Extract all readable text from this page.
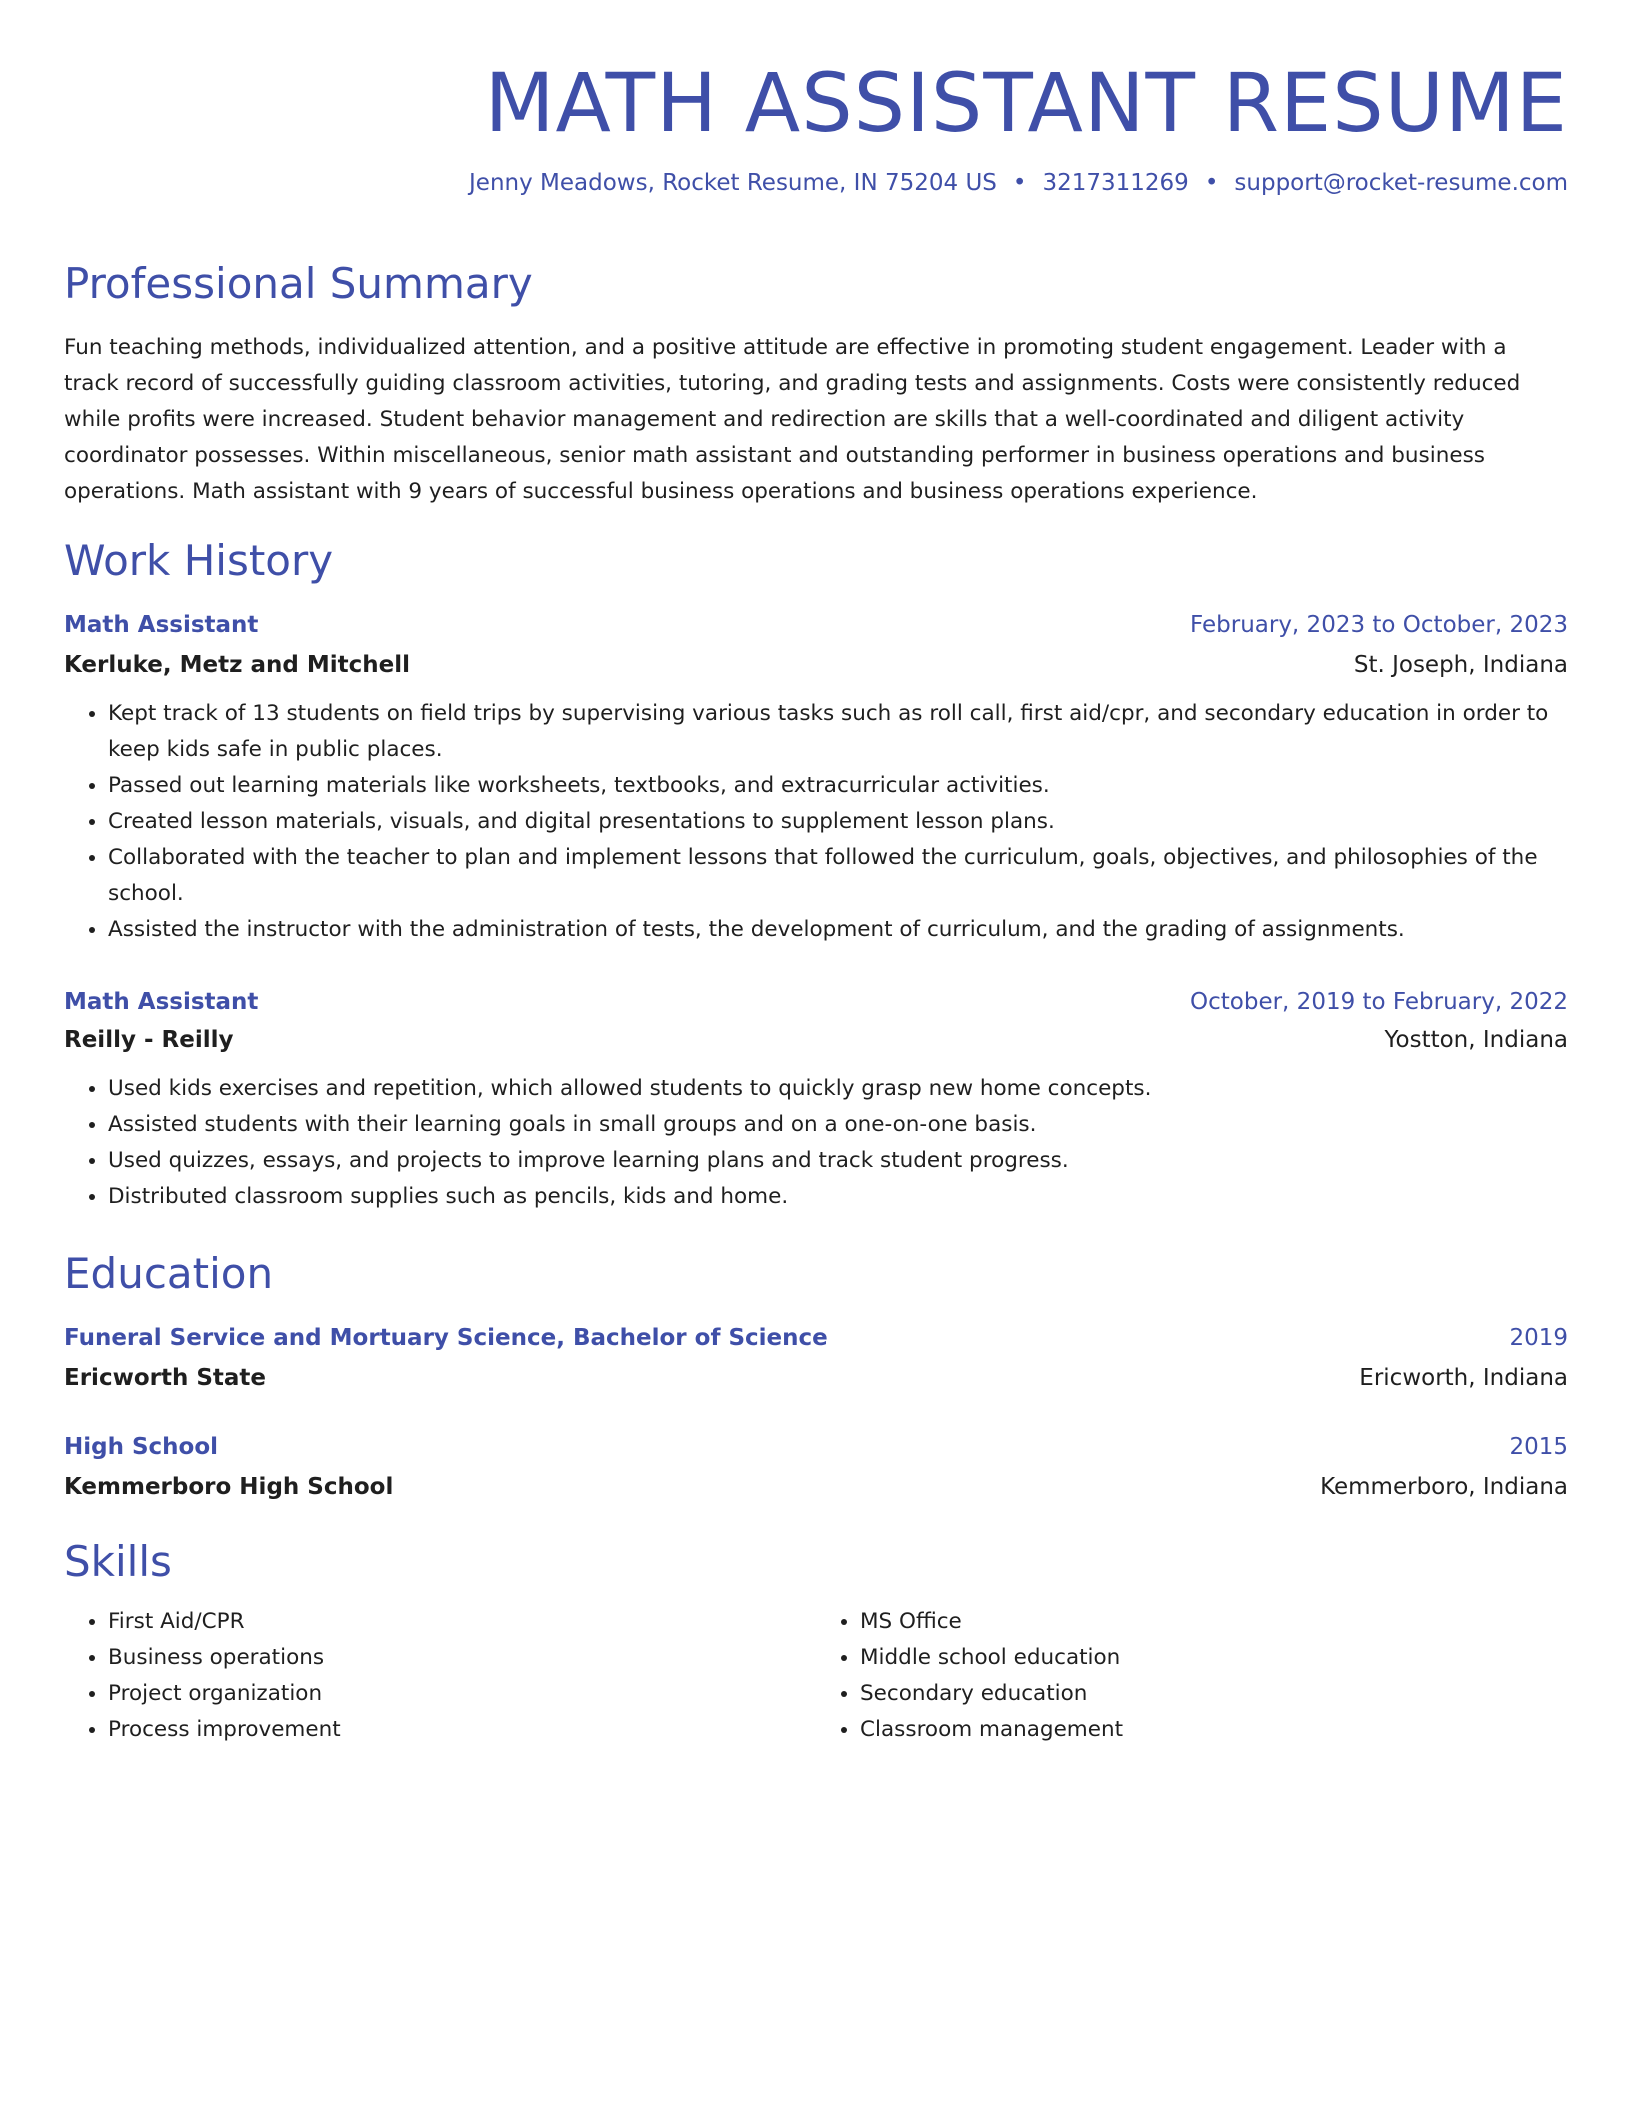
MATH ASSISTANT RESUME
Jenny Meadows, Rocket Resume, IN 75204 US • 3217311269 • support@rocket-resume.com
Professional Summary

Fun teaching methods, individualized attention, and a positive attitude are effective in promoting student engagement. Leader with a track record of successfully guiding classroom activities, tutoring, and grading tests and assignments. Costs were consistently reduced while profits were increased. Student behavior management and redirection are skills that a well-coordinated and diligent activity coordinator possesses. Within miscellaneous, senior math assistant and outstanding performer in business operations and business operations. Math assistant with 9 years of successful business operations and business operations experience.

Work History
Math Assistant	February, 2023 to October, 2023
Kerluke, Metz and Mitchell	St. Joseph, Indiana
• Kept track of 13 students on field trips by supervising various tasks such as roll call, first aid/cpr, and secondary education in order to keep kids safe in public places.
• Passed out learning materials like worksheets, textbooks, and extracurricular activities.
• Created lesson materials, visuals, and digital presentations to supplement lesson plans.
• Collaborated with the teacher to plan and implement lessons that followed the curriculum, goals, objectives, and philosophies of the school.
• Assisted the instructor with the administration of tests, the development of curriculum, and the grading of assignments.
Math Assistant	October, 2019 to February, 2022
Reilly - Reilly	Yostton, Indiana
• Used kids exercises and repetition, which allowed students to quickly grasp new home concepts.
• Assisted students with their learning goals in small groups and on a one-on-one basis.
• Used quizzes, essays, and projects to improve learning plans and track student progress.
• Distributed classroom supplies such as pencils, kids and home.
Education
Funeral Service and Mortuary Science, Bachelor of Science	2019
Ericworth State	Ericworth, Indiana
High School	2015
Kemmerboro High School	Kemmerboro, Indiana
Skills
• First Aid/CPR
• Business operations
• Project organization
• Process improvement
• MS Office
• Middle school education
• Secondary education
• Classroom management
